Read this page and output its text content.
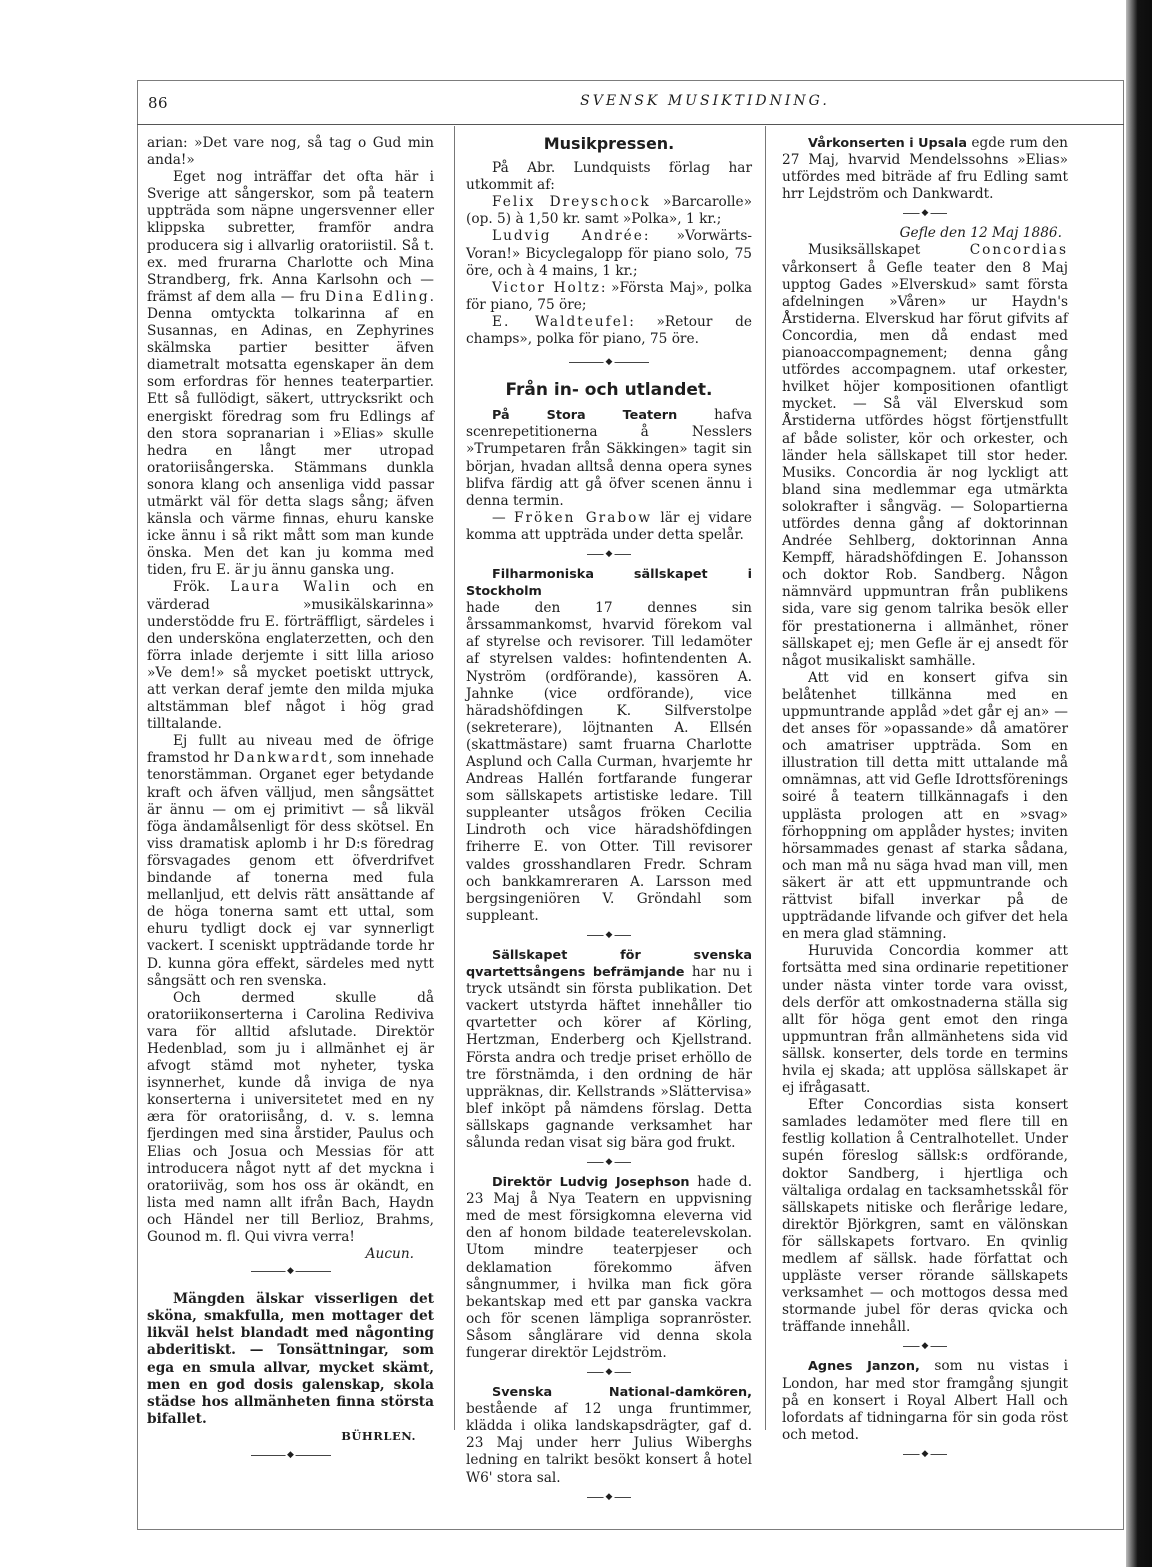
86	SVENSK MUSIKTIDNING.

arian: »Det vare nog, så tag o Gud min anda!»

Eget nog inträffar det ofta här i Sverige att sångerskor, som på teatern uppträda som näpne ungersvenner eller klippska subretter, framför andra producera sig i allvarlig oratoriistil. Så t. ex. med frurarna Charlotte och Mina Strandberg, frk. Anna Karlsohn och — främst af dem alla — fru Dina Edling. Denna omtyckta tolkarinna af en Susannas, en Adinas, en Zephyrines skälmska partier besitter äfven diametralt motsatta egenskaper än dem som erfordras för hennes teaterpartier. Ett så fullödigt, säkert, uttrycksrikt och energiskt föredrag som fru Edlings af den stora sopranarian i »Elias» skulle hedra en långt mer utropad oratoriisångerska. Stämmans dunkla sonora klang och ansenliga vidd passar utmärkt väl för detta slags sång; äfven känsla och värme finnas, ehuru kanske icke ännu i så rikt mått som man kunde önska. Men det kan ju komma med tiden, fru E. är ju ännu ganska ung.

Frök. Laura Walin och en värderad »musikälskarinna» understödde fru E. förträffligt, särdeles i den undersköna englaterzetten, och den förra inlade derjemte i sitt lilla arioso »Ve dem!» så mycket poetiskt uttryck, att verkan deraf jemte den milda mjuka altstämman blef något i hög grad tilltalande.

Ej fullt au niveau med de öfrige framstod hr Dankwardt, som innehade tenorstämman. Organet eger betydande kraft och äfven välljud, men sångsättet är ännu — om ej primitivt — så likväl föga ändamålsenligt för dess skötsel. En viss dramatisk aplomb i hr D:s föredrag försvagades genom ett öfverdrifvet bindande af tonerna med fula mellanljud, ett delvis rätt ansättande af de höga tonerna samt ett uttal, som ehuru tydligt dock ej var synnerligt vackert. I sceniskt uppträdande torde hr D. kunna göra effekt, särdeles med nytt sångsätt och ren svenska.

Och dermed skulle då oratoriikonserterna i Carolina Rediviva vara för alltid afslutade. Direktör Hedenblad, som ju i allmänhet ej är afvogt stämd mot nyheter, tyska isynnerhet, kunde då inviga de nya konserterna i universitetet med en ny æra för oratoriisång, d. v. s. lemna fjerdingen med sina årstider, Paulus och Elias och Josua och Messias för att introducera något nytt af det myckna i oratoriiväg, som hos oss är okändt, en lista med namn allt ifrån Bach, Haydn och Händel ner till Berlioz, Brahms, Gounod m. fl. Qui vivra verra!

Aucun.

◆

Mängden älskar visserligen det sköna, smakfulla, men mottager det likväl helst blandadt med någonting abderitiskt. — Tonsättningar, som ega en smula allvar, mycket skämt, men en god dosis galenskap, skola städse hos allmänheten finna största bifallet.

BÜHRLEN.

◆
Musikpressen.

På Abr. Lundquists förlag har utkommit af:

Felix Dreyschock »Barcarolle» (op. 5) à 1,50 kr. samt »Polka», 1 kr.;

Ludvig Andrée: »Vorwärts-Voran!» Bicyclegalopp för piano solo, 75 öre, och à 4 mains, 1 kr.;

Victor Holtz: »Första Maj», polka för piano, 75 öre;

E. Waldteufel: »Retour de champs», polka för piano, 75 öre.

◆
Från in- och utlandet.

På Stora Teatern hafva scenrepetitionerna å Nesslers »Trumpetaren från Säkkingen» tagit sin början, hvadan alltså denna opera synes blifva färdig att gå öfver scenen ännu i denna termin.

— Fröken Grabow lär ej vidare komma att uppträda under detta spelår.

◆

Filharmoniska sällskapet i Stockholm

hade den 17 dennes sin årssammankomst, hvarvid förekom val af styrelse och revisorer. Till ledamöter af styrelsen valdes: hofintendenten A. Nyström (ordförande), kassören A. Jahnke (vice ordförande), vice häradshöfdingen K. Silfverstolpe (sekreterare), löjtnanten A. Ellsén (skattmästare) samt fruarna Charlotte Asplund och Calla Curman, hvarjemte hr Andreas Hallén fortfarande fungerar som sällskapets artistiske ledare. Till suppleanter utsågos fröken Cecilia Lindroth och vice häradshöfdingen friherre E. von Otter. Till revisorer valdes grosshandlaren Fredr. Schram och bankkamreraren A. Larsson med bergsingeniören V. Gröndahl som suppleant.

◆

Sällskapet för svenska qvartettsångens befrämjande har nu i tryck utsändt sin första publikation. Det vackert utstyrda häftet innehåller tio qvartetter och körer af Körling, Hertzman, Enderberg och Kjellstrand. Första andra och tredje priset erhöllo de tre förstnämda, i den ordning de här uppräknas, dir. Kellstrands »Slättervisa» blef inköpt på nämdens förslag. Detta sällskaps gagnande verksamhet har sålunda redan visat sig bära god frukt.

◆

Direktör Ludvig Josephson hade d. 23 Maj å Nya Teatern en uppvisning med de mest försigkomna eleverna vid den af honom bildade teaterelevskolan. Utom mindre teaterpjeser och deklamation förekommo äfven sångnummer, i hvilka man fick göra bekantskap med ett par ganska vackra och för scenen lämpliga sopranröster. Såsom sånglärare vid denna skola fungerar direktör Lejdström.

◆

Svenska National-damkören, bestående af 12 unga fruntimmer, klädda i olika landskapsdrägter, gaf d. 23 Maj under herr Julius Wiberghs ledning en talrikt besökt konsert å hotel W6' stora sal.

◆

Vårkonserten i Upsala egde rum den 27 Maj, hvarvid Mendelssohns »Elias» utfördes med biträde af fru Edling samt hrr Lejdström och Dankwardt.

◆

Gefle den 12 Maj 1886.

Musiksällskapet Concordias vårkonsert å Gefle teater den 8 Maj upptog Gades »Elverskud» samt första afdelningen »Våren» ur Haydn's Årstiderna. Elverskud har förut gifvits af Concordia, men då endast med pianoaccompagnement; denna gång utfördes accompagnem. utaf orkester, hvilket höjer kompositionen ofantligt mycket. — Så väl Elverskud som Årstiderna utfördes högst förtjenstfullt af både solister, kör och orkester, och länder hela sällskapet till stor heder. Musiks. Concordia är nog lyckligt att bland sina medlemmar ega utmärkta solokrafter i sångväg. — Solopartierna utfördes denna gång af doktorinnan Andrée Sehlberg, doktorinnan Anna Kempff, häradshöfdingen E. Johansson och doktor Rob. Sandberg. Någon nämnvärd uppmuntran från publikens sida, vare sig genom talrika besök eller för prestationerna i allmänhet, röner sällskapet ej; men Gefle är ej ansedt för något musikaliskt samhälle.

Att vid en konsert gifva sin belåtenhet tillkänna med en uppmuntrande applåd »det går ej an» — det anses för »opassande» då amatörer och amatriser uppträda. Som en illustration till detta mitt uttalande må omnämnas, att vid Gefle Idrottsförenings soiré å teatern tillkännagafs i den upplästa prologen att en »svag» förhoppning om applåder hystes; inviten hörsammades genast af starka sådana, och man må nu säga hvad man vill, men säkert är att ett uppmuntrande och rättvist bifall inverkar på de uppträdande lifvande och gifver det hela en mera glad stämning.

Huruvida Concordia kommer att fortsätta med sina ordinarie repetitioner under nästa vinter torde vara ovisst, dels derför att omkostnaderna ställa sig allt för höga gent emot den ringa uppmuntran från allmänhetens sida vid sällsk. konserter, dels torde en termins hvila ej skada; att upplösa sällskapet är ej ifrågasatt.

Efter Concordias sista konsert samlades ledamöter med flere till en festlig kollation å Centralhotellet. Under supén föreslog sällsk:s ordförande, doktor Sandberg, i hjertliga och vältaliga ordalag en tacksamhetsskål för sällskapets nitiske och flerårige ledare, direktör Björkgren, samt en välönskan för sällskapets fortvaro. En qvinlig medlem af sällsk. hade författat och uppläste verser rörande sällskapets verksamhet — och mottogos dessa med stormande jubel för deras qvicka och träffande innehåll.

◆

Agnes Janzon, som nu vistas i London, har med stor framgång sjungit på en konsert i Royal Albert Hall och lofordats af tidningarna för sin goda röst och metod.

◆
